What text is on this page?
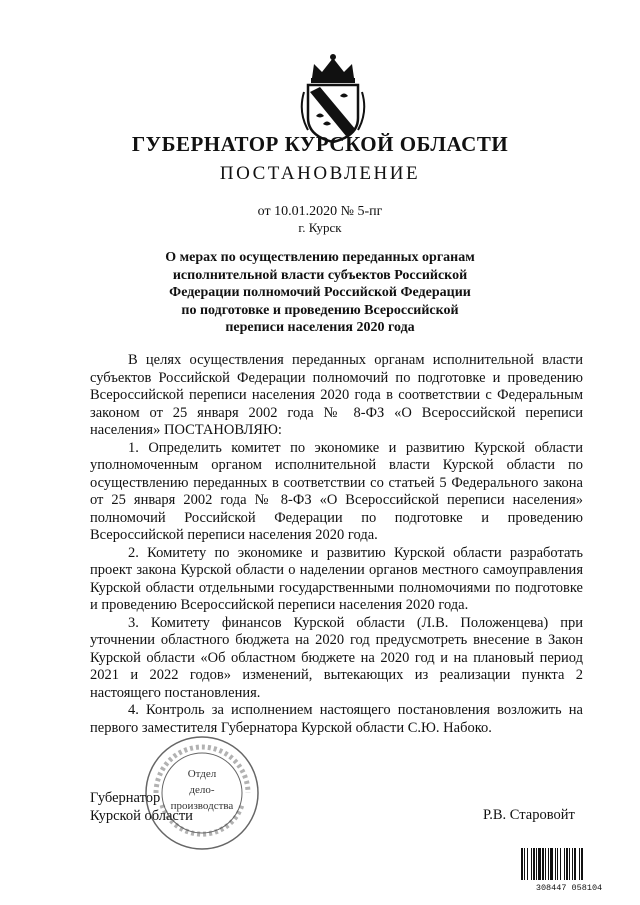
ГУБЕРНАТОР КУРСКОЙ ОБЛАСТИ
ПОСТАНОВЛЕНИЕ
от 10.01.2020 № 5-пг
г. Курск
О мерах по осуществлению переданных органам
исполнительной власти субъектов Российской
Федерации полномочий Российской Федерации
по подготовке и проведению Всероссийской
переписи населения 2020 года

В целях осуществления переданных органам исполнительной власти субъектов Российской Федерации полномочий по подготовке и проведению Всероссийской переписи населения 2020 года в соответствии с Федеральным законом от 25 января 2002 года № 8-ФЗ «О Всероссийской переписи населения» ПОСТАНОВЛЯЮ:

1. Определить комитет по экономике и развитию Курской области уполномоченным органом исполнительной власти Курской области по осуществлению переданных в соответствии со статьей 5 Федерального закона от 25 января 2002 года № 8-ФЗ «О Всероссийской переписи населения» полномочий Российской Федерации по подготовке и проведению Всероссийской переписи населения 2020 года.

2. Комитету по экономике и развитию Курской области разработать проект закона Курской области о наделении органов местного самоуправления Курской области отдельными государственными полномочиями по подготовке и проведению Всероссийской переписи населения 2020 года.

3. Комитету финансов Курской области (Л.В. Положенцева) при уточнении областного бюджета на 2020 год предусмотреть внесение в Закон Курской области «Об областном бюджете на 2020 год и на плановый период 2021 и 2022 годов» изменений, вытекающих из реализации пункта 2 настоящего постановления.

4. Контроль за исполнением настоящего постановления возложить на первого заместителя Губернатора Курской области С.Ю. Набоко.

Губернатор
Курской области	Р.В. Старовойт
Отдел
дело-
производства
308447 058104
